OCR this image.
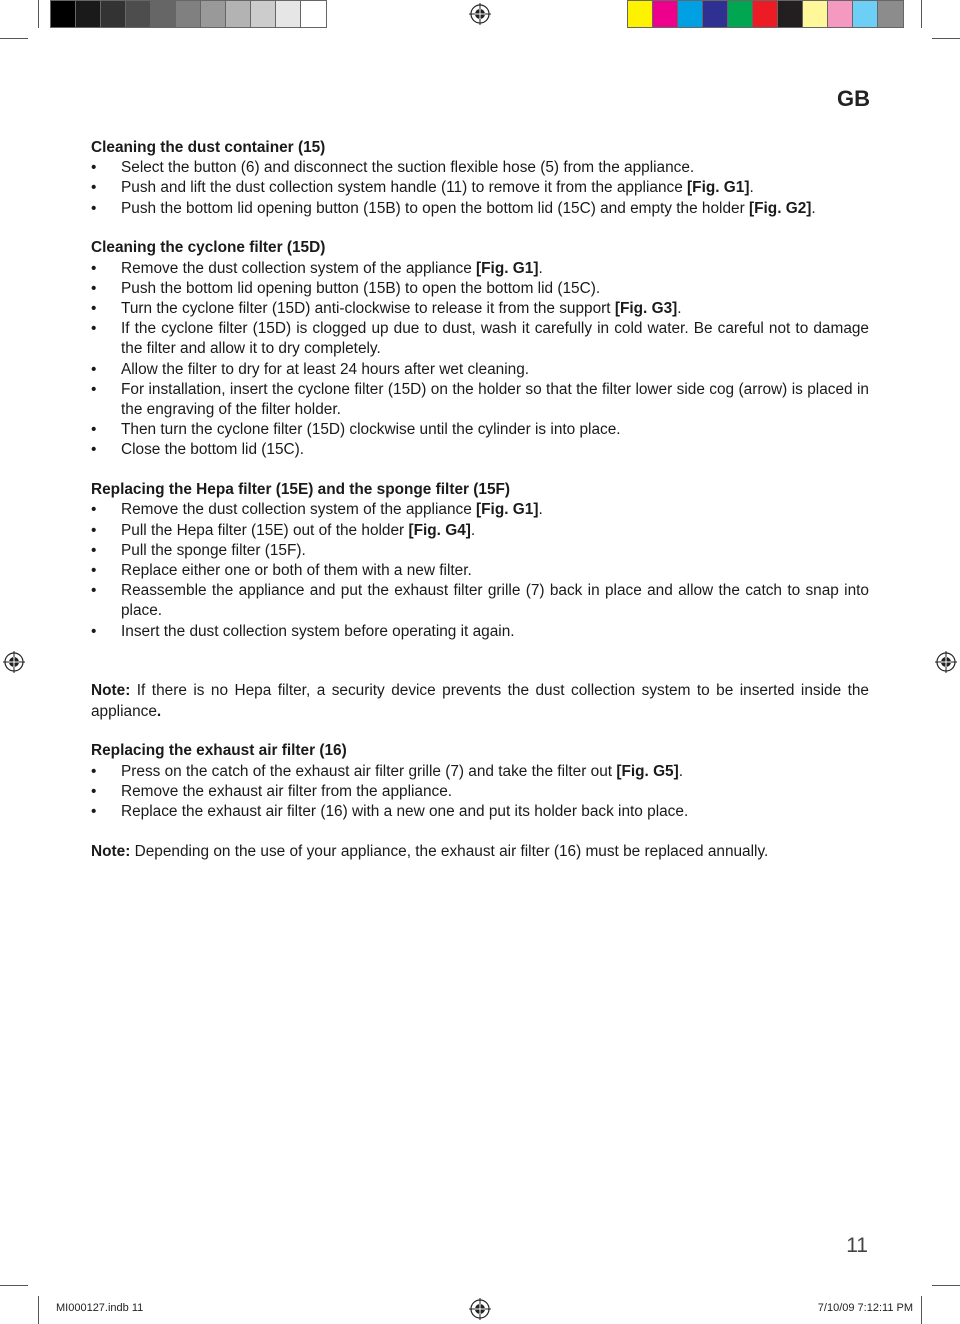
GB
Cleaning the dust container (15)
• Select the button (6) and disconnect the suction flexible hose (5) from the appliance.
• Push and lift the dust collection system handle (11) to remove it from the appliance [Fig. G1].
• Push the bottom lid opening button (15B) to open the bottom lid (15C) and empty the holder [Fig. G2].
Cleaning the cyclone filter (15D)
• Remove the dust collection system of the appliance [Fig. G1].
• Push the bottom lid opening button (15B) to open the bottom lid (15C).
• Turn the cyclone filter (15D) anti-clockwise to release it from the support [Fig. G3].
• If the cyclone filter (15D) is clogged up due to dust, wash it carefully in cold water. Be careful not to damage the filter and allow it to dry completely.
• Allow the filter to dry for at least 24 hours after wet cleaning.
• For installation, insert the cyclone filter (15D) on the holder so that the filter lower side cog (arrow) is placed in the engraving of the filter holder.
• Then turn the cyclone filter (15D) clockwise until the cylinder is into place.
• Close the bottom lid (15C).
Replacing the Hepa filter (15E) and the sponge filter (15F)
• Remove the dust collection system of the appliance [Fig. G1].
• Pull the Hepa filter (15E) out of the holder [Fig. G4].
• Pull the sponge filter (15F).
• Replace either one or both of them with a new filter.
• Reassemble the appliance and put the exhaust filter grille (7) back in place and allow the catch to snap into place.
• Insert the dust collection system before operating it again.

Note: If there is no Hepa filter, a security device prevents the dust collection system to be inserted inside the appliance.

Replacing the exhaust air filter (16)
• Press on the catch of the exhaust air filter grille (7) and take the filter out [Fig. G5].
• Remove the exhaust air filter from the appliance.
• Replace the exhaust air filter (16) with a new one and put its holder back into place.

Note: Depending on the use of your appliance, the exhaust air filter (16) must be replaced annually.

11
MI000127.indb 11	7/10/09 7:12:11 PM
